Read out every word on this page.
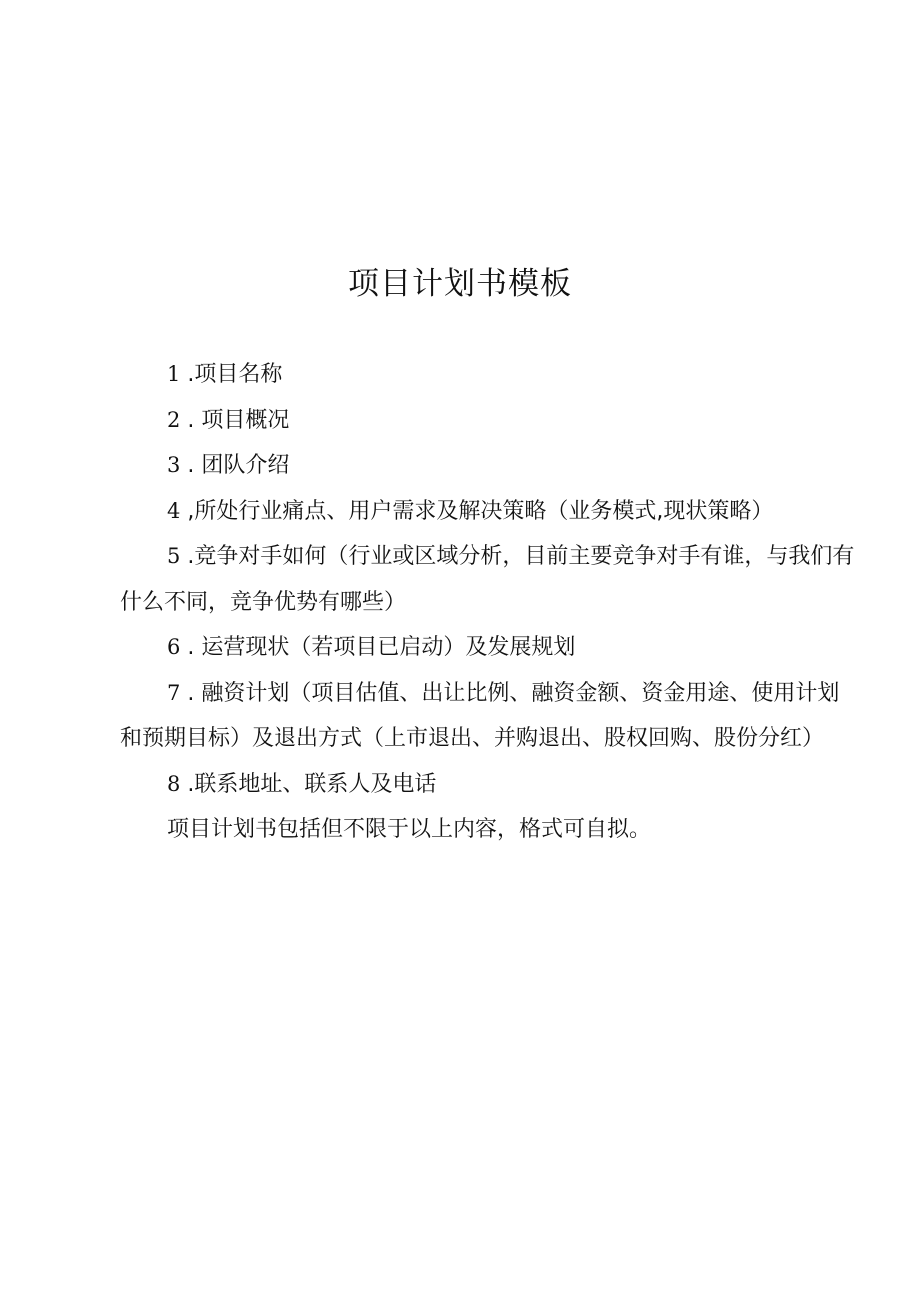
项目计划书模板

1 .项目名称

2 . 项目概况

3 . 团队介绍

4 ,所处行业痛点、用户需求及解决策略（业务模式,现状策略）

5 .竞争对手如何（行业或区域分析，目前主要竞争对手有谁，与我们有什么不同，竞争优势有哪些）

6 . 运营现状（若项目已启动）及发展规划

7 . 融资计划（项目估值、出让比例、融资金额、资金用途、使用计划和预期目标）及退出方式（上市退出、并购退出、股权回购、股份分红）

8 .联系地址、联系人及电话

项目计划书包括但不限于以上内容，格式可自拟。
